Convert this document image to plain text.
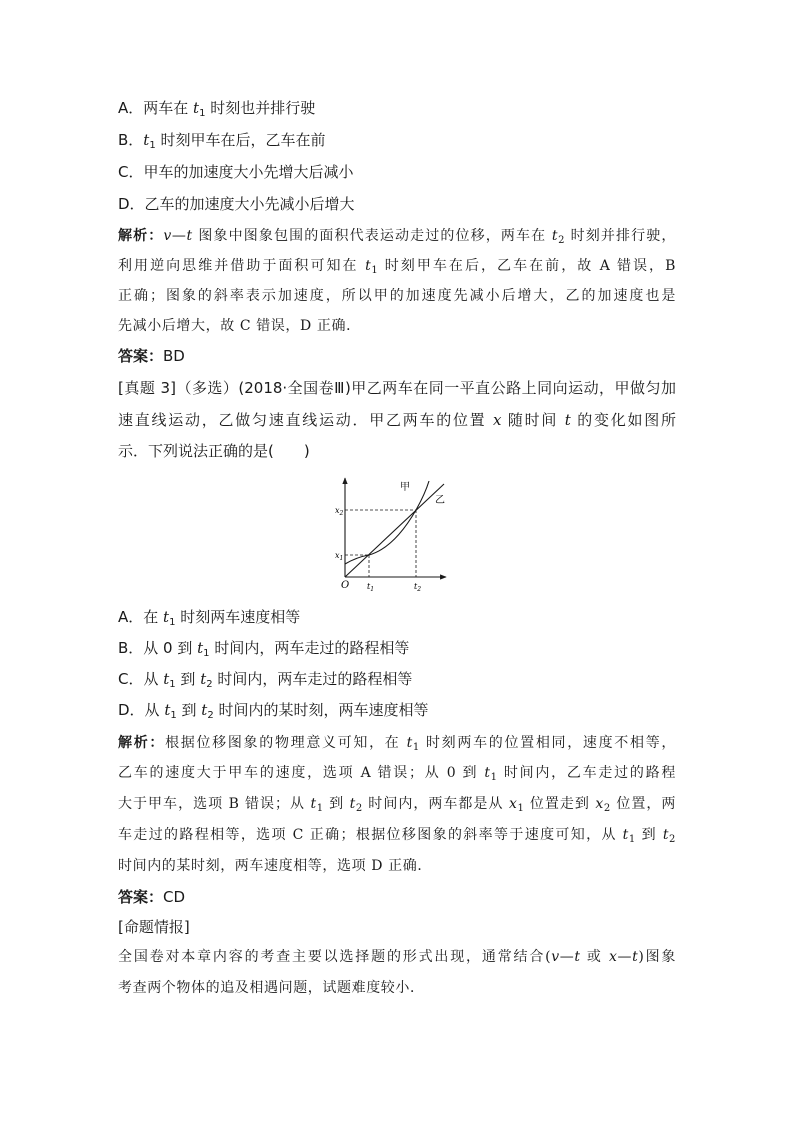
A．两车在 $t_1$ 时刻也并排行驶
B．$t_1$ 时刻甲车在后，乙车在前
C．甲车的加速度大小先增大后减小
D．乙车的加速度大小先减小后增大
解析：v—t 图象中图象包围的面积代表运动走过的位移，两车在 $t_2$ 时刻并排行驶，
利用逆向思维并借助于面积可知在 $t_1$ 时刻甲车在后，乙车在前，故 A 错误，B
正确；图象的斜率表示加速度，所以甲的加速度先减小后增大，乙的加速度也是
先减小后增大，故 C 错误，D 正确．
答案：BD
[真题 3]（多选）(2018·全国卷Ⅲ)甲乙两车在同一平直公路上同向运动，甲做匀加
速直线运动，乙做匀速直线运动．甲乙两车的位置 x 随时间 t 的变化如图所
示．下列说法正确的是(　　)
甲
乙
$x_2$
$x_1$
O $t_1$	$t_2$
A．在 $t_1$ 时刻两车速度相等
B．从 0 到 $t_1$ 时间内，两车走过的路程相等
C．从 $t_1$ 到 $t_2$ 时间内，两车走过的路程相等
D．从 $t_1$ 到 $t_2$ 时间内的某时刻，两车速度相等
解析：根据位移图象的物理意义可知，在 $t_1$ 时刻两车的位置相同，速度不相等，
乙车的速度大于甲车的速度，选项 A 错误；从 0 到 $t_1$ 时间内，乙车走过的路程
大于甲车，选项 B 错误；从 $t_1$ 到 $t_2$ 时间内，两车都是从 $x_1$ 位置走到 $x_2$ 位置，两
车走过的路程相等，选项 C 正确；根据位移图象的斜率等于速度可知，从 $t_1$ 到 $t_2$
时间内的某时刻，两车速度相等，选项 D 正确．
答案：CD
[命题情报]
全国卷对本章内容的考查主要以选择题的形式出现，通常结合(v—t 或 x—t)图象
考查两个物体的追及相遇问题，试题难度较小．
